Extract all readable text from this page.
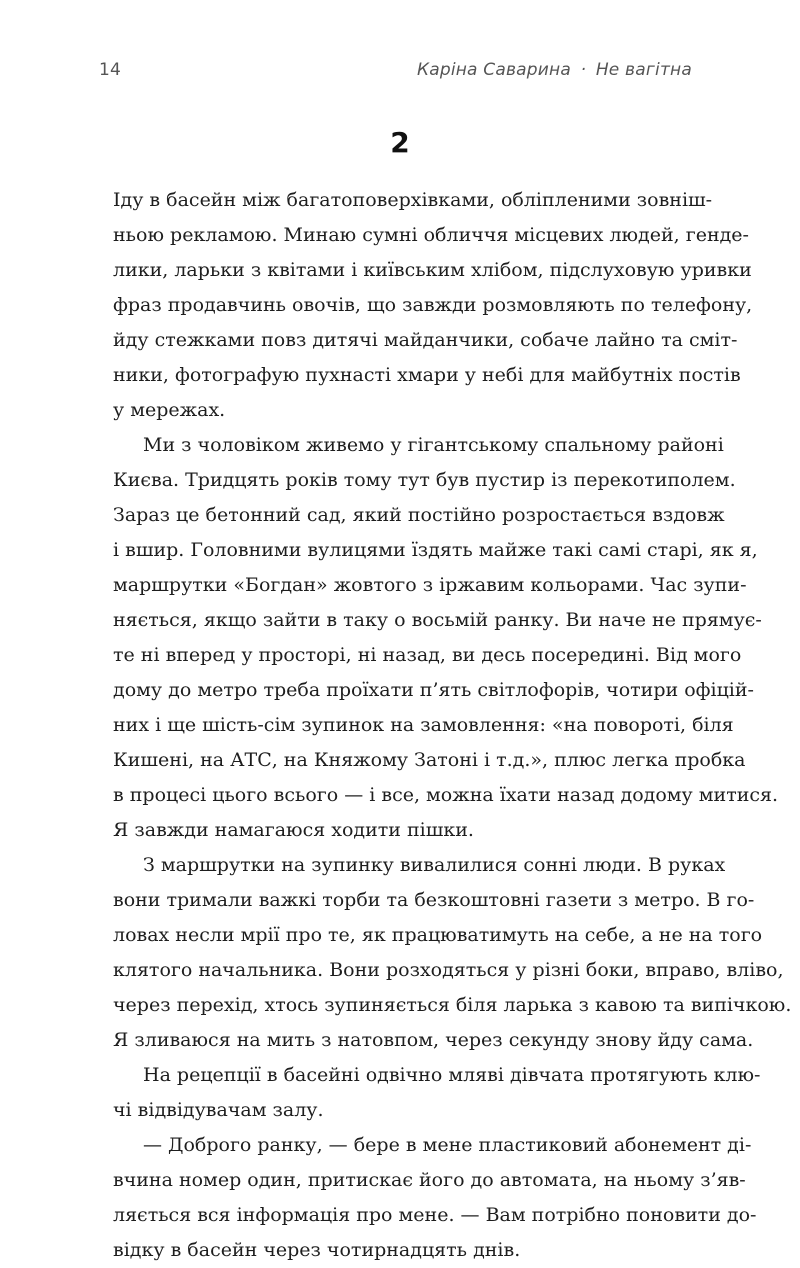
14	Каріна Саварина · Не вагітна
2
Іду в басейн між багатоповерхівками, обліпленими зовніш-
ньою рекламою. Минаю сумні обличчя місцевих людей, генде-
лики, ларьки з квітами і київським хлібом, підслуховую уривки
фраз продавчинь овочів, що завжди розмовляють по телефону,
йду стежками повз дитячі майданчики, собаче лайно та смiт-
ники, фотографую пухнасті хмари у небі для майбутніх постів
у мережах.
Ми з чоловіком живемо у гігантському спальному районі
Києва. Тридцять років тому тут був пустир із перекотиполем.
Зараз це бетонний сад, який постійно розростається вздовж
і вшир. Головними вулицями їздять майже такі самі старі, як я,
маршрутки «Богдан» жовтого з іржавим кольорами. Час зупи-
няється, якщо зайти в таку о восьмій ранку. Ви наче не прямує-
те ні вперед у просторі, ні назад, ви десь посередині. Від мого
дому до метро треба проїхати п’ять світлофорів, чотири офіцій-
них і ще шість-сім зупинок на замовлення: «на повороті, біля
Кишені, на АТС, на Княжому Затоні і т.д.», плюс легка пробка
в процесі цього всього — і все, можна їхати назад додому митися.
Я завжди намагаюся ходити пішки.
З маршрутки на зупинку вивалилися сонні люди. В руках
вони тримали важкі торби та безкоштовні газети з метро. В го-
ловах несли мрії про те, як працюватимуть на себе, а не на того
клятого начальника. Вони розходяться у різні боки, вправо, вліво,
через перехід, хтось зупиняється біля ларька з кавою та випічкою.
Я зливаюся на мить з натовпом, через секунду знову йду сама.
На рецепції в басейні одвічно мляві дівчата протягують клю-
чі відвідувачам залу.
— Доброго ранку, — бере в мене пластиковий абонемент ді-
вчина номер один, притискає його до автомата, на ньому з’яв-
ляється вся інформація про мене. — Вам потрібно поновити до-
відку в басейн через чотирнадцять днів.
